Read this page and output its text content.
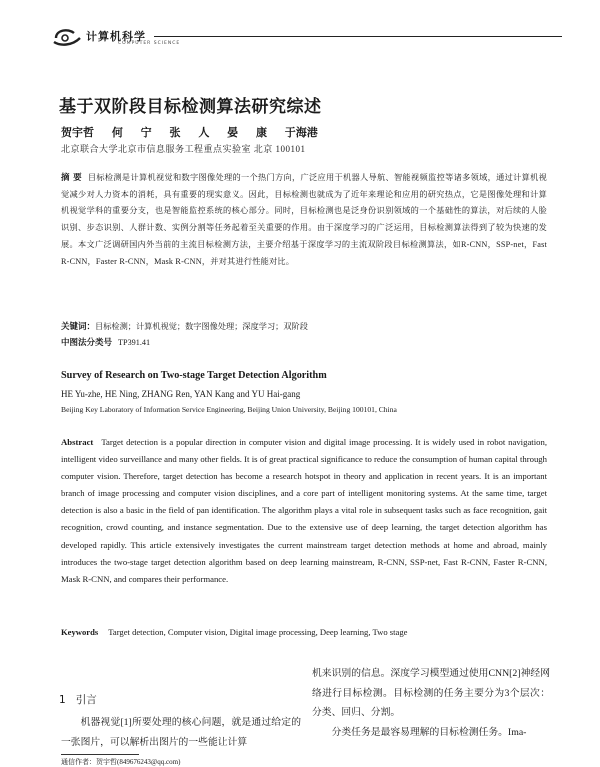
计算机科学
COMPUTER SCIENCE
基于双阶段目标检测算法研究综述
贺宇哲 何 宁 张 人 晏 康 于海港
北京联合大学北京市信息服务工程重点实验室 北京 100101
摘 要 目标检测是计算机视觉和数字图像处理的一个热门方向，广泛应用于机器人导航、智能视频监控等诸多领域，通过计算机视觉减少对人力资本的消耗，具有重要的现实意义。因此，目标检测也就成为了近年来理论和应用的研究热点，它是图像处理和计算机视觉学科的重要分支，也是智能监控系统的核心部分。同时，目标检测也是泛身份识别领域的一个基础性的算法，对后续的人脸识别、步态识别、人群计数、实例分割等任务起着至关重要的作用。由于深度学习的广泛运用，目标检测算法得到了较为快速的发展。本文广泛调研国内外当前的主流目标检测方法，主要介绍基于深度学习的主流双阶段目标检测算法，如R-CNN，SSP-net，Fast R-CNN，Faster R-CNN，Mask R-CNN，并对其进行性能对比。
关键词：目标检测；计算机视觉；数字图像处理；深度学习；双阶段
中图法分类号 TP391.41
Survey of Research on Two-stage Target Detection Algorithm
HE Yu-zhe, HE Ning, ZHANG Ren, YAN Kang and YU Hai-gang
Beijing Key Laboratory of Information Service Engineering, Beijing Union University, Beijing 100101, China
Abstract Target detection is a popular direction in computer vision and digital image processing. It is widely used in robot navigation, intelligent video surveillance and many other fields. It is of great practical significance to reduce the consumption of human capital through computer vision. Therefore, target detection has become a research hotspot in theory and application in recent years. It is an important branch of image processing and computer vision disciplines, and a core part of intelligent monitoring systems. At the same time, target detection is also a basic in the field of pan identification. The algorithm plays a vital role in subsequent tasks such as face recognition, gait recognition, crowd counting, and instance segmentation. Due to the extensive use of deep learning, the target detection algorithm has developed rapidly. This article extensively investigates the current mainstream target detection methods at home and abroad, mainly introduces the two-stage target detection algorithm based on deep learning mainstream, R-CNN, SSP-net, Fast R-CNN, Faster R-CNN, Mask R-CNN, and compares their performance.
Keywords Target detection, Computer vision, Digital image processing, Deep learning, Two stage
1 引言
机器视觉[1]所要处理的核心问题，就是通过给定的一张图片，可以解析出图片的一些能让计算

机来识别的信息。深度学习模型通过使用CNN[2]神经网络进行目标检测。目标检测的任务主要分为3个层次：分类、回归、分割。

分类任务是最容易理解的目标检测任务。Ima-

通信作者：贺宇哲(849676243@qq.com)
